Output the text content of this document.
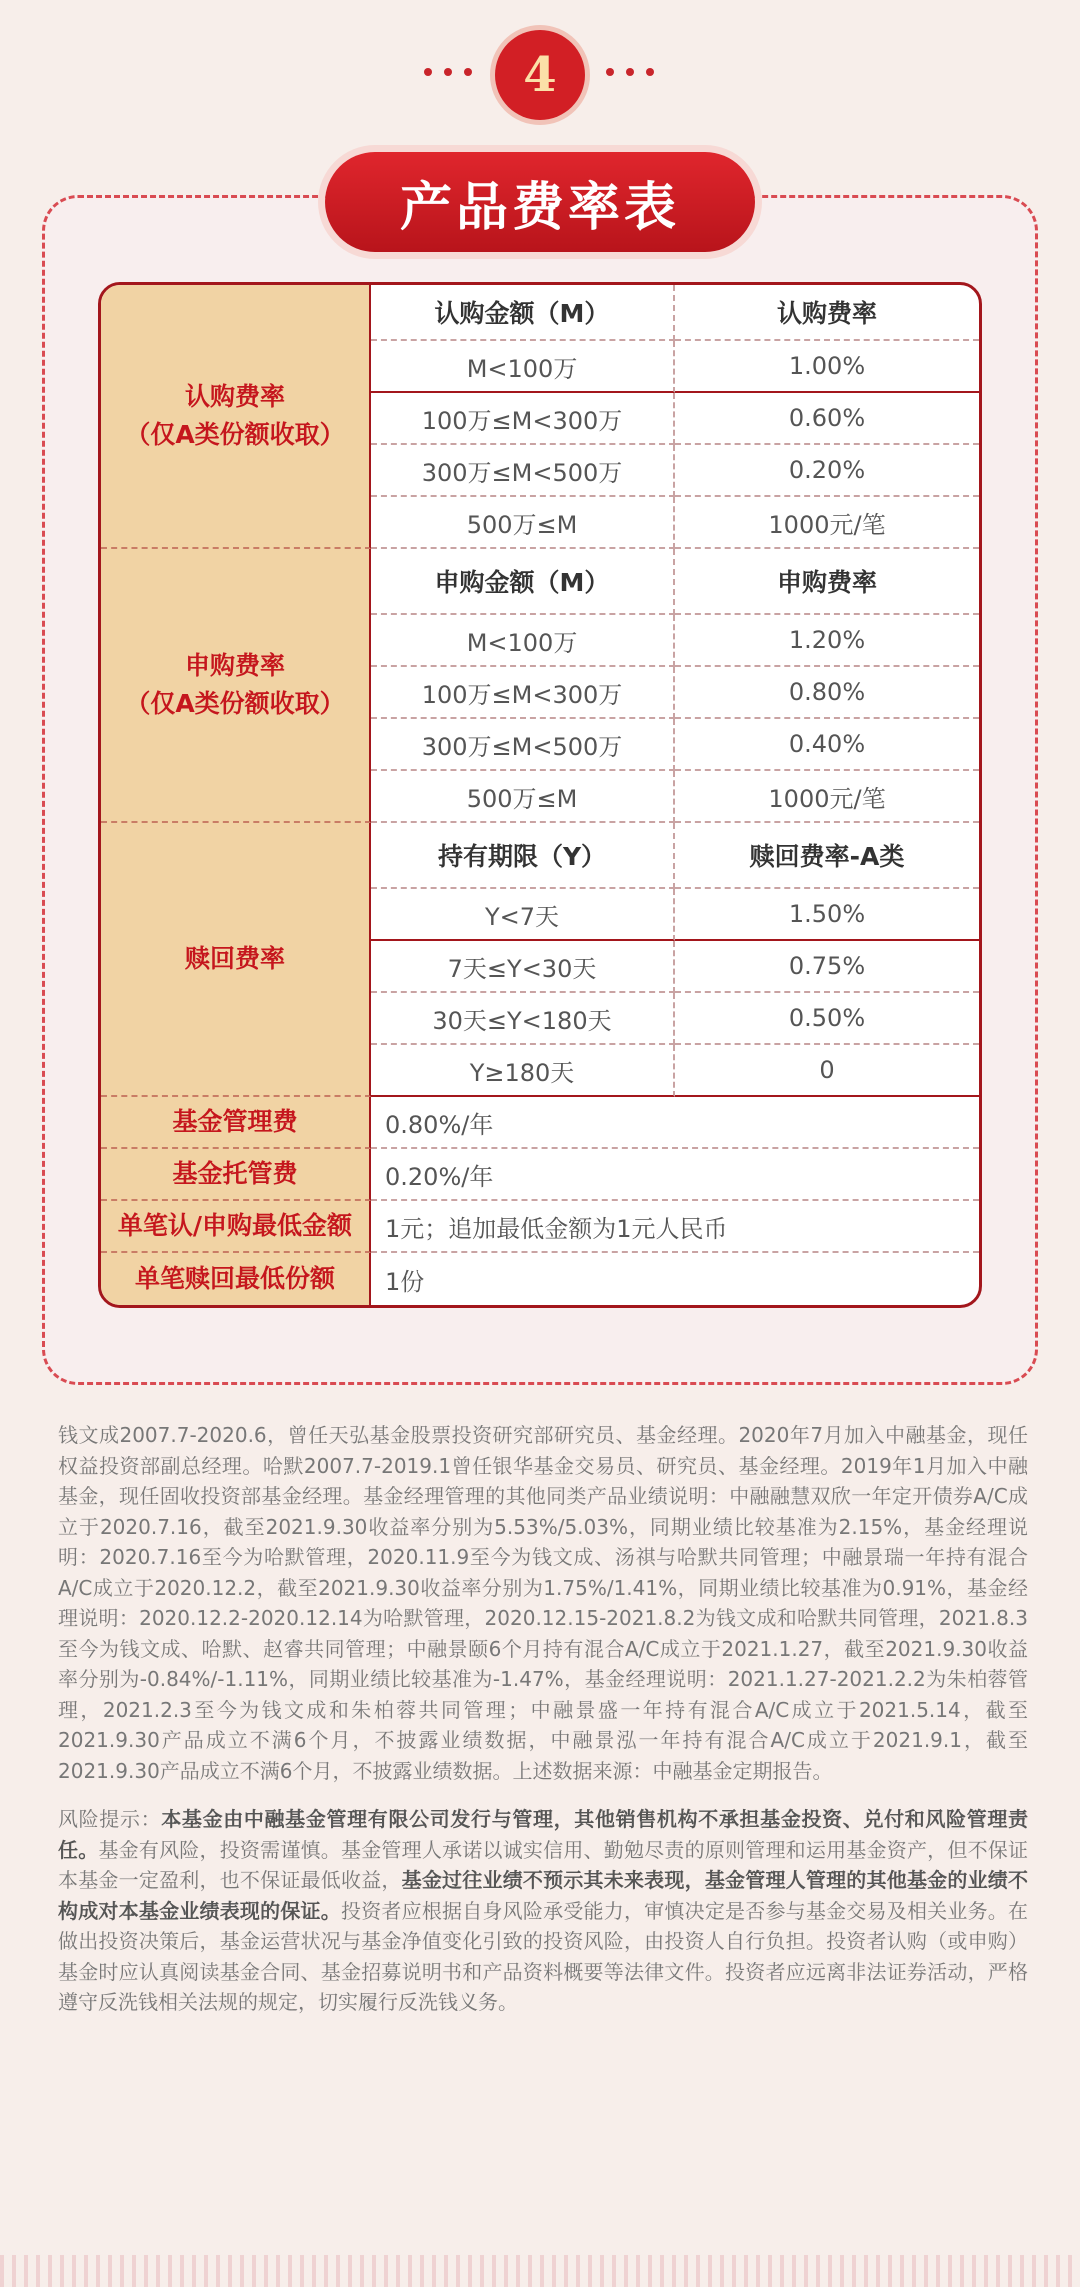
4
产品费率表
认购费率
（仅A类份额收取）
认购金额（M）	认购费率
M<100万	1.00%
100万≤M<300万	0.60%
300万≤M<500万	0.20%
500万≤M	1000元/笔
申购费率
（仅A类份额收取）
申购金额（M）	申购费率
M<100万	1.20%
100万≤M<300万	0.80%
300万≤M<500万	0.40%
500万≤M	1000元/笔
赎回费率
持有期限（Y）	赎回费率-A类
Y<7天	1.50%
7天≤Y<30天	0.75%
30天≤Y<180天	0.50%
Y≥180天	0
基金管理费	0.80%/年
基金托管费	0.20%/年
单笔认/申购最低金额	1元；追加最低金额为1元人民币
单笔赎回最低份额	1份

钱文成2007.7-2020.6，曾任天弘基金股票投资研究部研究员、基金经理。2020年7月加入中融基金，现任权益投资部副总经理。哈默2007.7-2019.1曾任银华基金交易员、研究员、基金经理。2019年1月加入中融基金，现任固收投资部基金经理。基金经理管理的其他同类产品业绩说明：中融融慧双欣一年定开债券A/C成立于2020.7.16，截至2021.9.30收益率分别为5.53%/5.03%，同期业绩比较基准为2.15%，基金经理说明：2020.7.16至今为哈默管理，2020.11.9至今为钱文成、汤祺与哈默共同管理；中融景瑞一年持有混合A/C成立于2020.12.2，截至2021.9.30收益率分别为1.75%/1.41%，同期业绩比较基准为0.91%，基金经理说明：2020.12.2-2020.12.14为哈默管理，2020.12.15-2021.8.2为钱文成和哈默共同管理，2021.8.3至今为钱文成、哈默、赵睿共同管理；中融景颐6个月持有混合A/C成立于2021.1.27，截至2021.9.30收益率分别为-0.84%/-1.11%，同期业绩比较基准为-1.47%，基金经理说明：2021.1.27-2021.2.2为朱柏蓉管理，2021.2.3至今为钱文成和朱柏蓉共同管理；中融景盛一年持有混合A/C成立于2021.5.14，截至2021.9.30产品成立不满6个月，不披露业绩数据，中融景泓一年持有混合A/C成立于2021.9.1，截至2021.9.30产品成立不满6个月，不披露业绩数据。上述数据来源：中融基金定期报告。

风险提示：本基金由中融基金管理有限公司发行与管理，其他销售机构不承担基金投资、兑付和风险管理责任。基金有风险，投资需谨慎。基金管理人承诺以诚实信用、勤勉尽责的原则管理和运用基金资产，但不保证本基金一定盈利，也不保证最低收益，基金过往业绩不预示其未来表现，基金管理人管理的其他基金的业绩不构成对本基金业绩表现的保证。投资者应根据自身风险承受能力，审慎决定是否参与基金交易及相关业务。在做出投资决策后，基金运营状况与基金净值变化引致的投资风险，由投资人自行负担。投资者认购（或申购）基金时应认真阅读基金合同、基金招募说明书和产品资料概要等法律文件。投资者应远离非法证券活动，严格遵守反洗钱相关法规的规定，切实履行反洗钱义务。
